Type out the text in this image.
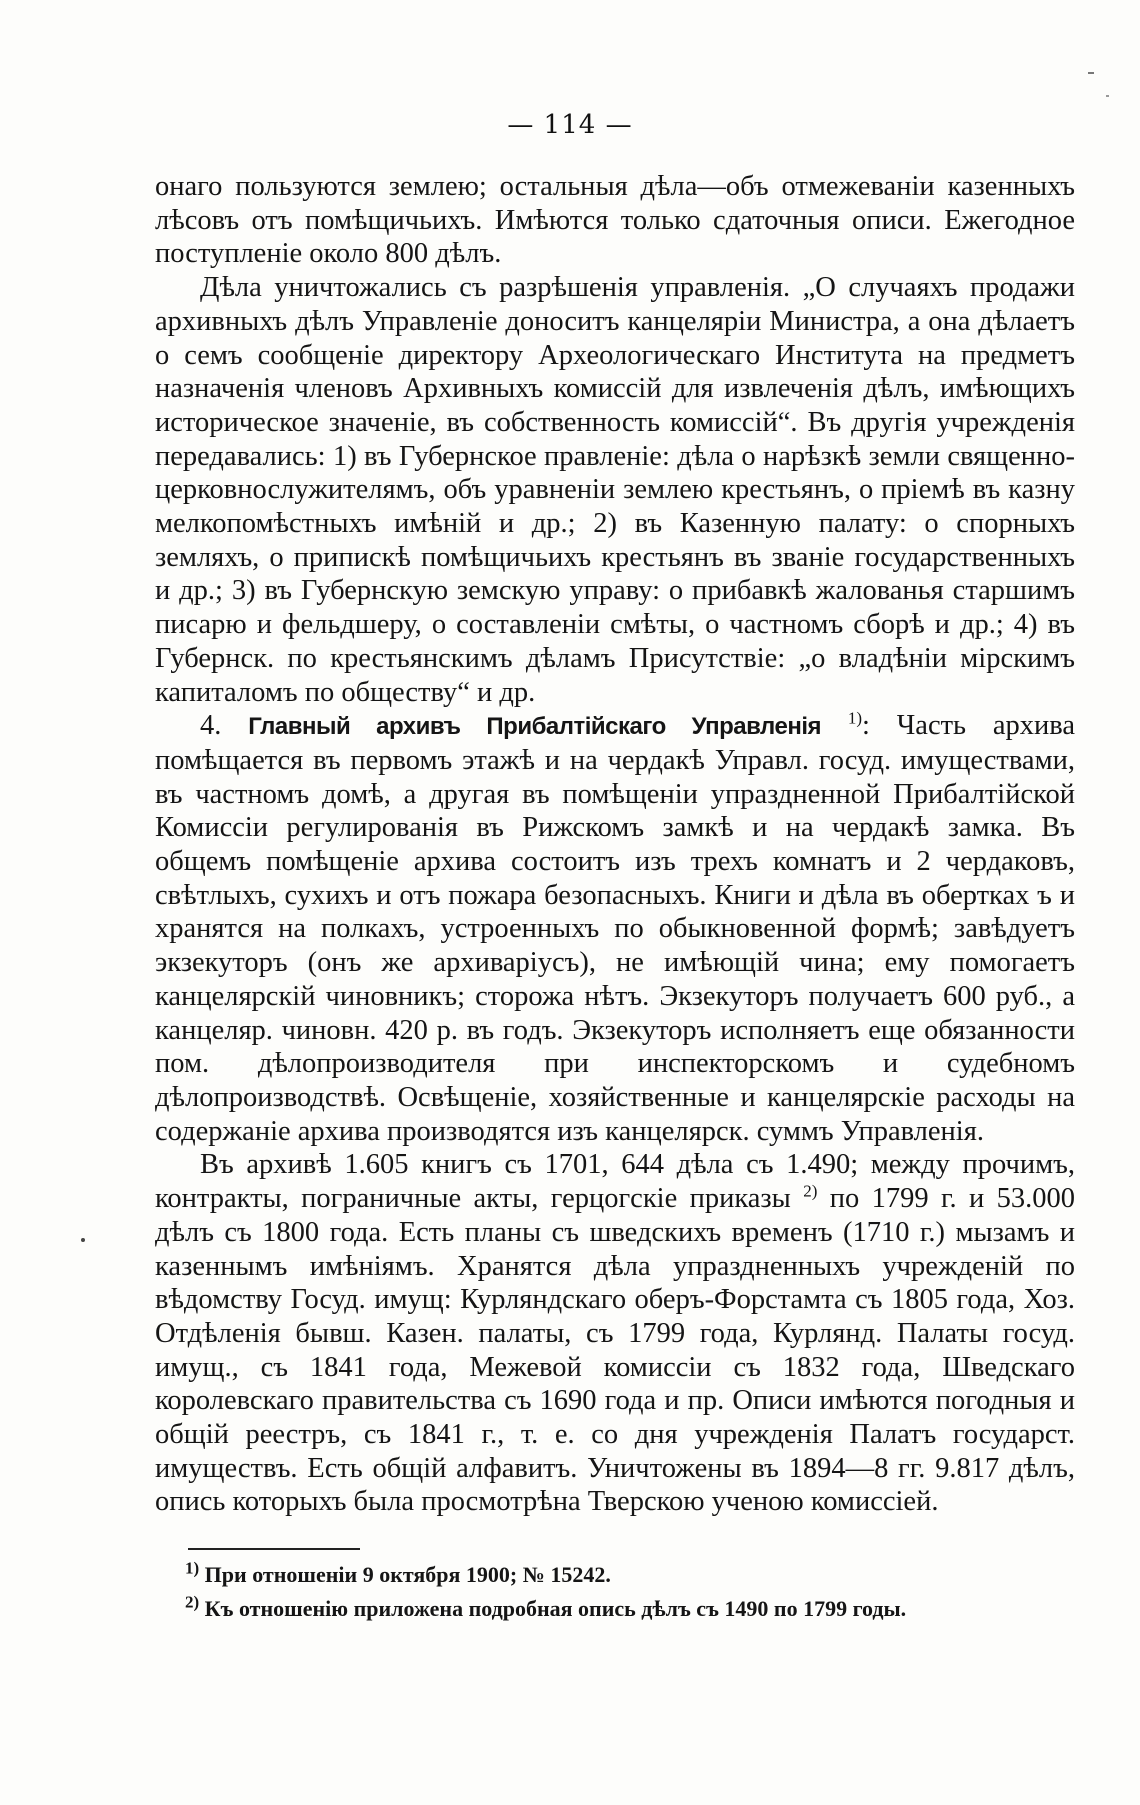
— 114 —

онаго пользуются землею; остальныя дѣла—объ отмежеванiи казенныхъ лѣсовъ отъ помѣщичьихъ. Имѣются только сдаточныя описи. Ежегодное поступленiе около 800 дѣлъ.

Дѣла уничтожались съ разрѣшенiя управленiя. „О случаяхъ продажи архивныхъ дѣлъ Управленiе доноситъ канцелярiи Министра, а она дѣлаетъ о семъ сообщенiе директору Археологическаго Института на предметъ назначенiя членовъ Архивныхъ комиссiй для извлеченiя дѣлъ, имѣющихъ историческое значенiе, въ собственность комиссiй“. Въ другiя учрежденiя передавались: 1) въ Губернское правленiе: дѣла о нарѣзкѣ земли священно-церковнослужителямъ, объ уравненiи землею крестьянъ, о прiемѣ въ казну мелкопомѣстныхъ имѣнiй и др.; 2) въ Казенную палату: о спорныхъ земляхъ, о припискѣ помѣщичьихъ крестьянъ въ званiе государственныхъ и др.; 3) въ Губернскую земскую управу: о прибавкѣ жалованья старшимъ писарю и фельдшеру, о составленiи смѣты, о частномъ сборѣ и др.; 4) въ Губернск. по крестьянскимъ дѣламъ Присутствiе: „о владѣнiи мiрскимъ капиталомъ по обществу“ и др.

4. Главный архивъ Прибалтiйскаго Управленiя $^{1)}$: Часть архива помѣщается въ первомъ этажѣ и на чердакѣ Управл. госуд. имуществами, въ частномъ домѣ, а другая въ помѣщенiи упраздненной Прибалтiйской Комиссiи регулированiя въ Рижскомъ замкѣ и на чердакѣ замка. Въ общемъ помѣщенiе архива состоитъ изъ трехъ комнатъ и 2 чердаковъ, свѣтлыхъ, сухихъ и отъ пожара безопасныхъ. Книги и дѣла въ обертках ъ и хранятся на полкахъ, устроенныхъ по обыкновенной формѣ; завѣдуетъ экзекуторъ (онъ же архиварiусъ), не имѣющiй чина; ему помогаетъ канцелярскiй чиновникъ; сторожа нѣтъ. Экзекуторъ получаетъ 600 руб., а канцеляр. чиновн. 420 р. въ годъ. Экзекуторъ исполняетъ еще обязанности пом. дѣлопроизводителя при инспекторскомъ и судебномъ дѣлопроизводствѣ. Освѣщенiе, хозяйственные и канцелярскiе расходы на содержанiе архива производятся изъ канцелярск. суммъ Управленiя.

Въ архивѣ 1.605 книгъ съ 1701, 644 дѣла съ 1.490; между прочимъ, контракты, пограничные акты, герцогскiе приказы $^{2)}$ по 1799 г. и 53.000 дѣлъ съ 1800 года. Есть планы съ шведскихъ временъ (1710 г.) мызамъ и казеннымъ имѣнiямъ. Хранятся дѣла упраздненныхъ учрежденiй по вѣдомству Госуд. имущ: Курляндскаго оберъ-Форстамта съ 1805 года, Хоз. Отдѣленiя бывш. Казен. палаты, съ 1799 года, Курлянд. Палаты госуд. имущ., съ 1841 года, Межевой комиссiи съ 1832 года, Шведскаго королевскаго правительства съ 1690 года и пр. Описи имѣются погодныя и общiй реестръ, съ 1841 г., т. е. со дня учрежденiя Палатъ государст. имуществъ. Есть общiй алфавитъ. Уничтожены въ 1894—8 гг. 9.817 дѣлъ, опись которыхъ была просмотрѣна Тверскою ученою комиссiей.

$^{1)}$ При отношенiи 9 октября 1900; № 15242.

$^{2)}$ Къ отношенiю приложена подробная опись дѣлъ съ 1490 по 1799 годы.
